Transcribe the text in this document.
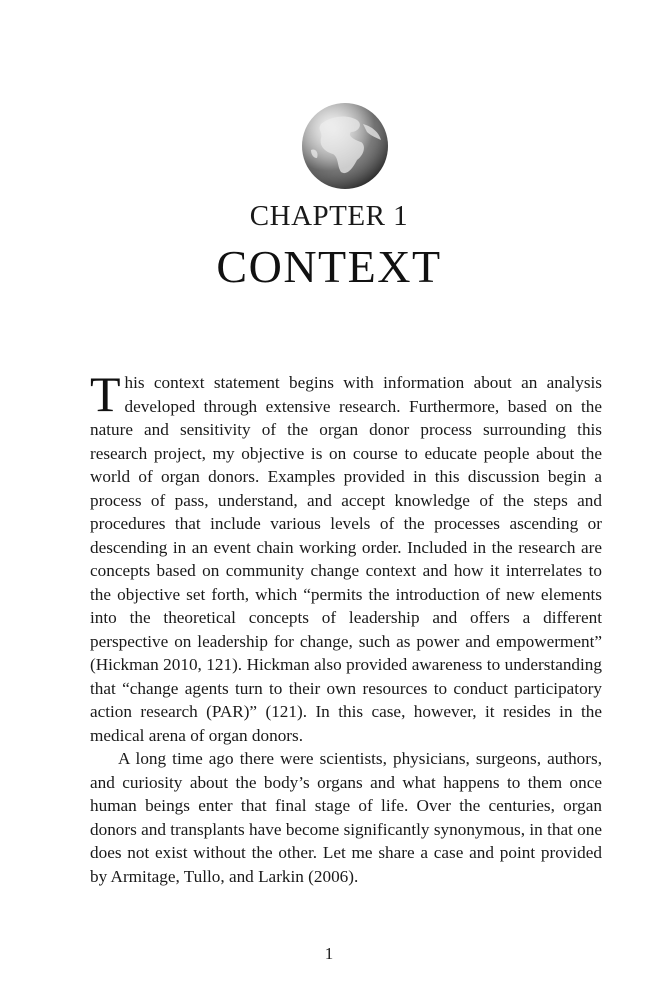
CHAPTER 1
CONTEXT

This context statement begins with information about an analysis developed through extensive research. Furthermore, based on the nature and sensitivity of the organ donor process surrounding this research project, my objective is on course to educate people about the world of organ donors. Examples provided in this discussion begin a process of pass, understand, and accept knowledge of the steps and procedures that include various levels of the processes ascending or descending in an event chain working order. Included in the research are concepts based on community change context and how it interrelates to the objective set forth, which “permits the introduction of new elements into the theoretical concepts of leadership and offers a different perspective on leadership for change, such as power and empowerment” (Hickman 2010, 121). Hickman also provided awareness to understanding that “change agents turn to their own resources to conduct participatory action research (PAR)” (121). In this case, however, it resides in the medical arena of organ donors.

A long time ago there were scientists, physicians, surgeons, authors, and curiosity about the body’s organs and what happens to them once human beings enter that final stage of life. Over the centuries, organ donors and transplants have become significantly synonymous, in that one does not exist without the other. Let me share a case and point provided by Armitage, Tullo, and Larkin (2006).

1
